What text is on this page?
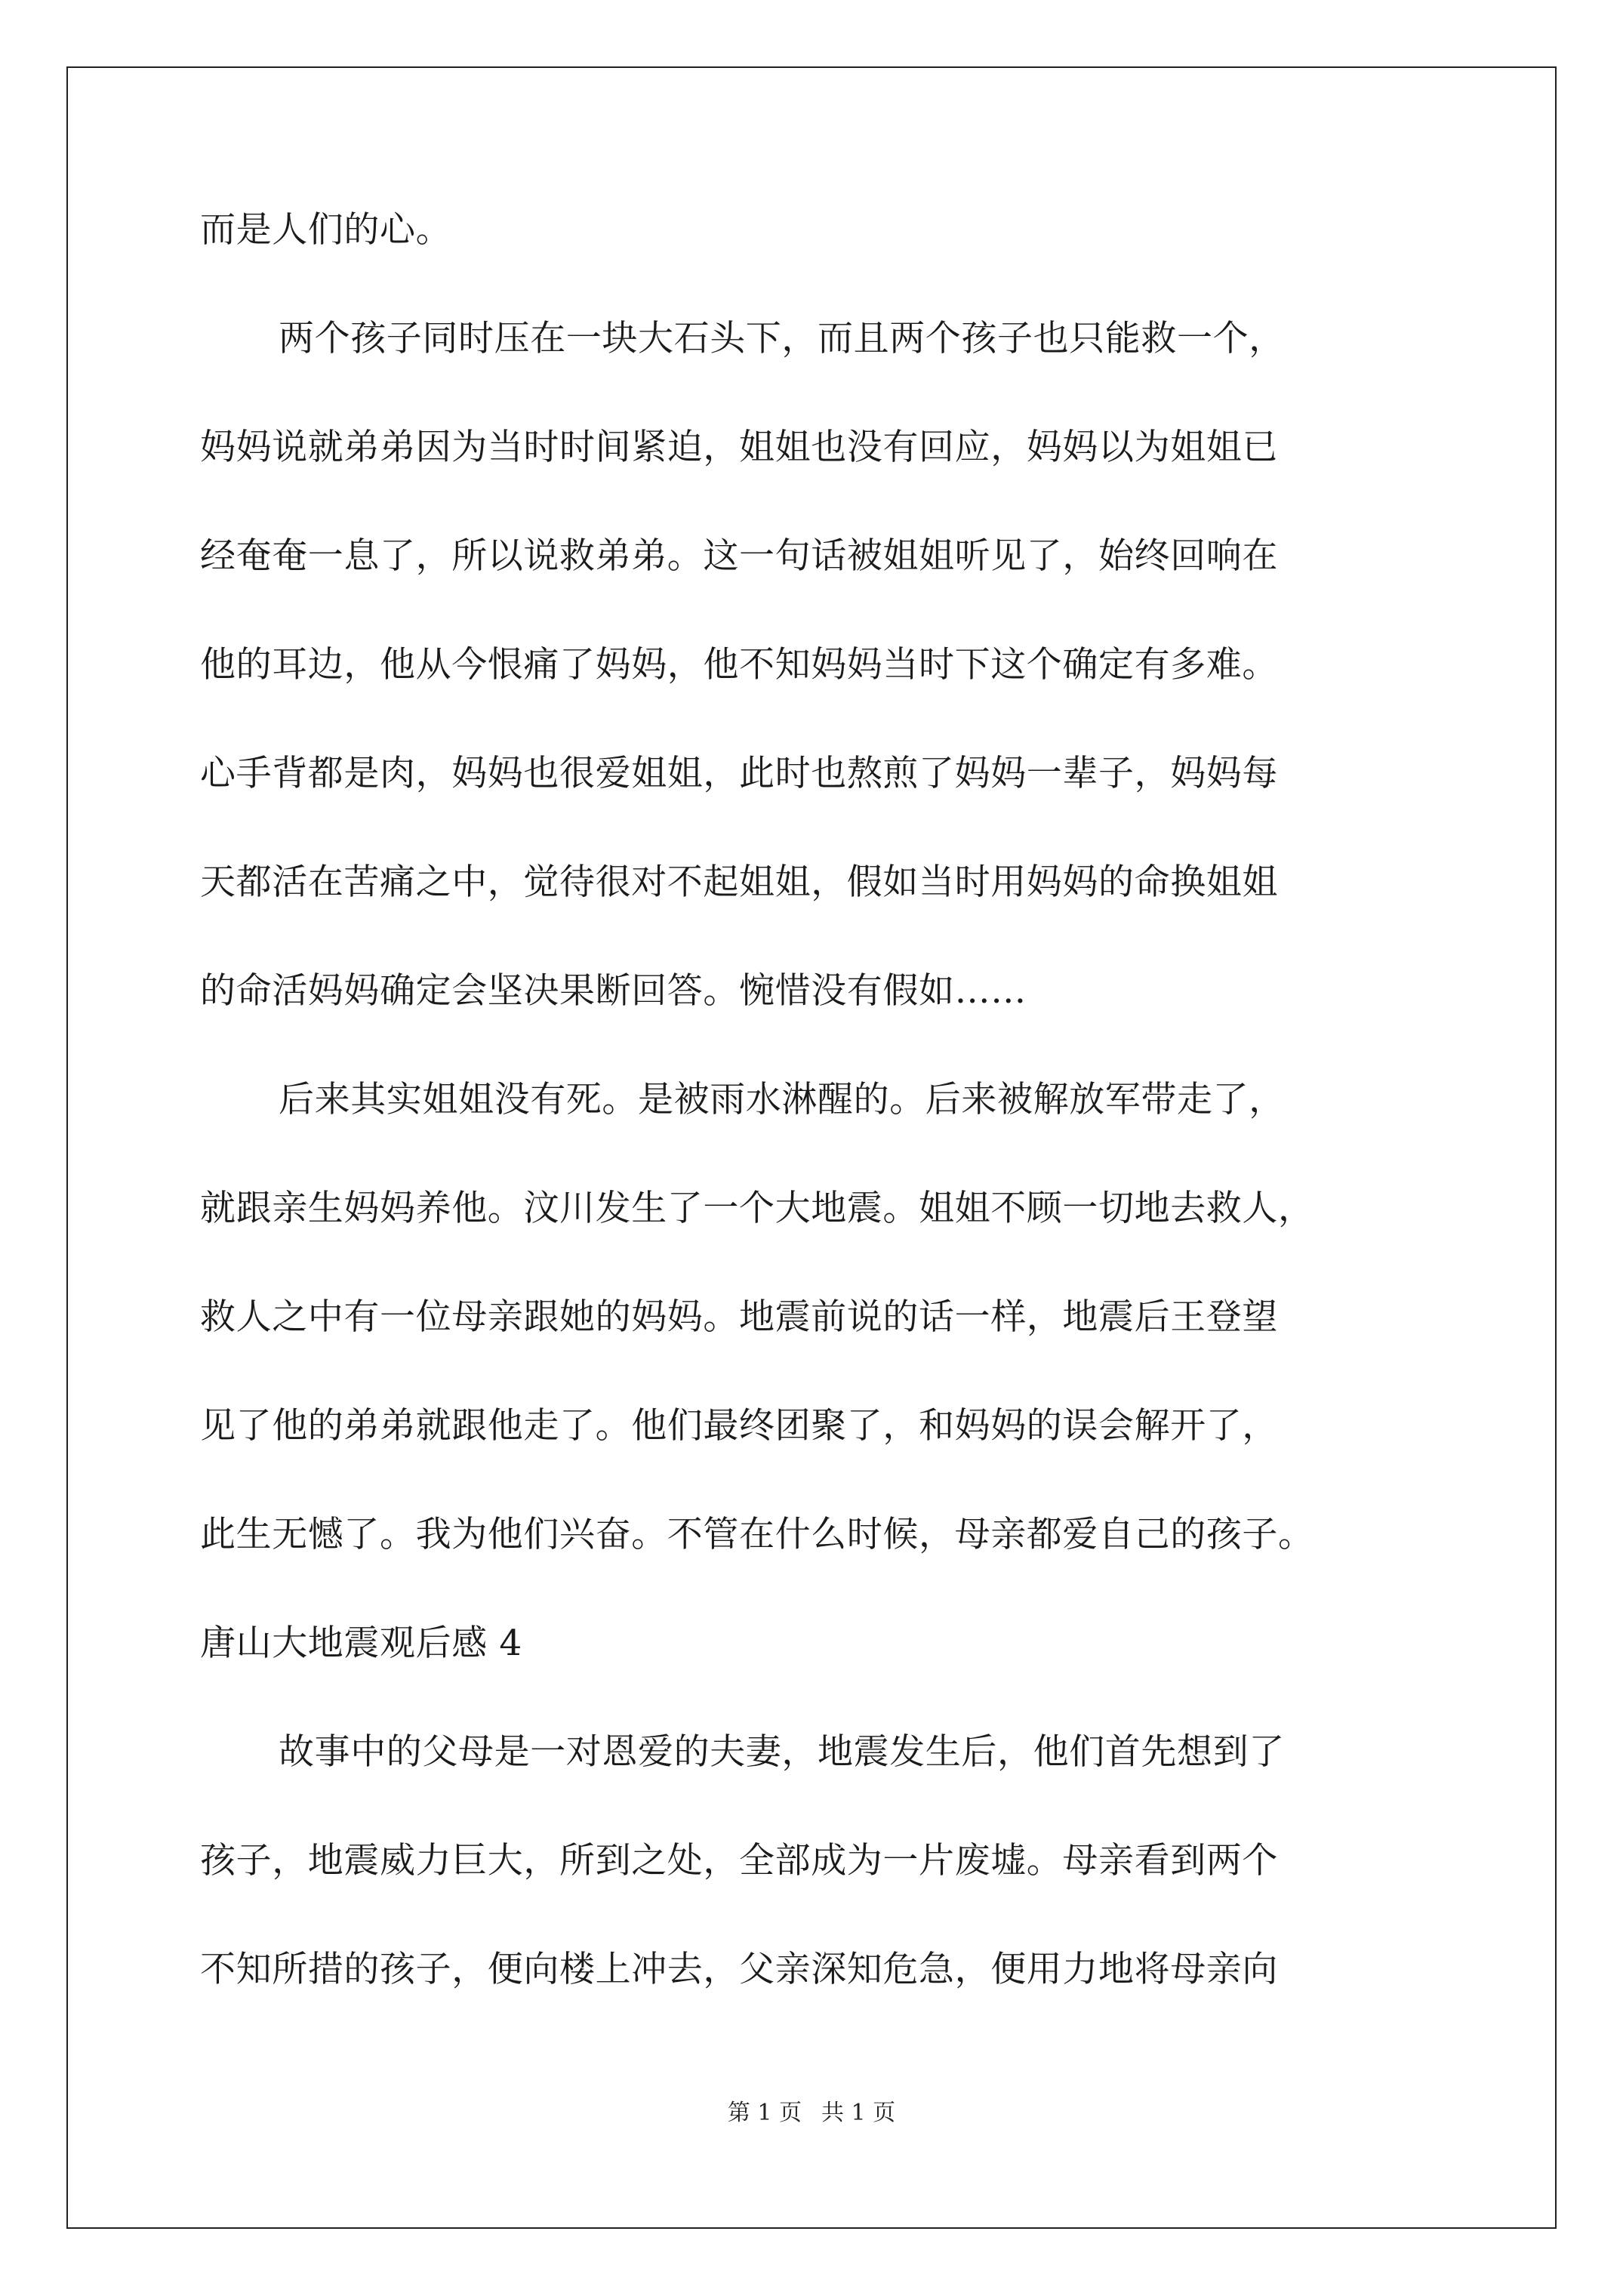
而是人们的心。
两个孩子同时压在一块大石头下，而且两个孩子也只能救一个，
妈妈说就弟弟因为当时时间紧迫，姐姐也没有回应，妈妈以为姐姐已
经奄奄一息了，所以说救弟弟。这一句话被姐姐听见了，始终回响在
他的耳边，他从今恨痛了妈妈，他不知妈妈当时下这个确定有多难。
心手背都是肉，妈妈也很爱姐姐，此时也熬煎了妈妈一辈子，妈妈每
天都活在苦痛之中，觉待很对不起姐姐，假如当时用妈妈的命换姐姐
的命活妈妈确定会坚决果断回答。惋惜没有假如……
后来其实姐姐没有死。是被雨水淋醒的。后来被解放军带走了，
就跟亲生妈妈养他。汶川发生了一个大地震。姐姐不顾一切地去救人，
救人之中有一位母亲跟她的妈妈。地震前说的话一样，地震后王登望
见了他的弟弟就跟他走了。他们最终团聚了，和妈妈的误会解开了，
此生无憾了。我为他们兴奋。不管在什么时候，母亲都爱自己的孩子。
唐山大地震观后感 4
故事中的父母是一对恩爱的夫妻，地震发生后，他们首先想到了
孩子，地震威力巨大，所到之处，全部成为一片废墟。母亲看到两个
不知所措的孩子，便向楼上冲去，父亲深知危急，便用力地将母亲向
第 1 页 共 1 页
